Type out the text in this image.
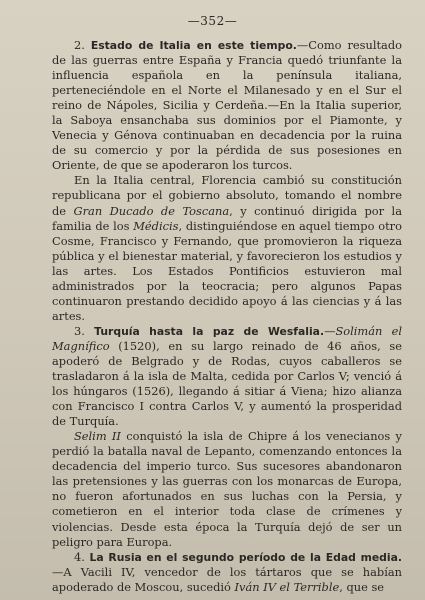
—352—

2. Estado de Italia en este tiempo.—Como resultado de las guerras entre España y Francia quedó triunfante la influencia española en la península italiana, perteneciéndole en el Norte el Milanesado y en el Sur el reino de Nápoles, Sicilia y Cerdeña.—En la Italia superior, la Saboya ensanchaba sus dominios por el Piamonte, y Venecia y Génova continuaban en decadencia por la ruina de su comercio y por la pérdida de sus posesiones en Oriente, de que se apoderaron los turcos.

En la Italia central, Florencia cambió su constitución republicana por el gobierno absoluto, tomando el nombre de Gran Ducado de Toscana, y continuó dirigida por la familia de los Médicis, distinguiéndose en aquel tiempo otro Cosme, Francisco y Fernando, que promovieron la riqueza pública y el bienestar material, y favorecieron los estudios y las artes. Los Estados Pontificios estuvieron mal administrados por la teocracia; pero algunos Papas continuaron prestando decidido apoyo á las ciencias y á las artes.

3. Turquía hasta la paz de Wesfalia.—Solimán el Magnífico (1520), en su largo reinado de 46 años, se apoderó de Belgrado y de Rodas, cuyos caballeros se trasladaron á la isla de Malta, cedida por Carlos V; venció á los húngaros (1526), llegando á sitiar á Viena; hizo alianza con Francisco I contra Carlos V, y aumentó la prosperidad de Turquía.

Selim II conquistó la isla de Chipre á los venecianos y perdió la batalla naval de Lepanto, comenzando entonces la decadencia del imperio turco. Sus sucesores abandonaron las pretensiones y las guerras con los monarcas de Europa, no fueron afortunados en sus luchas con la Persia, y cometieron en el interior toda clase de crímenes y violencias. Desde esta época la Turquía dejó de ser un peligro para Europa.

4. La Rusia en el segundo período de la Edad media.—A Vacili IV, vencedor de los tártaros que se habían apoderado de Moscou, sucedió Iván IV el Terrible, que se
